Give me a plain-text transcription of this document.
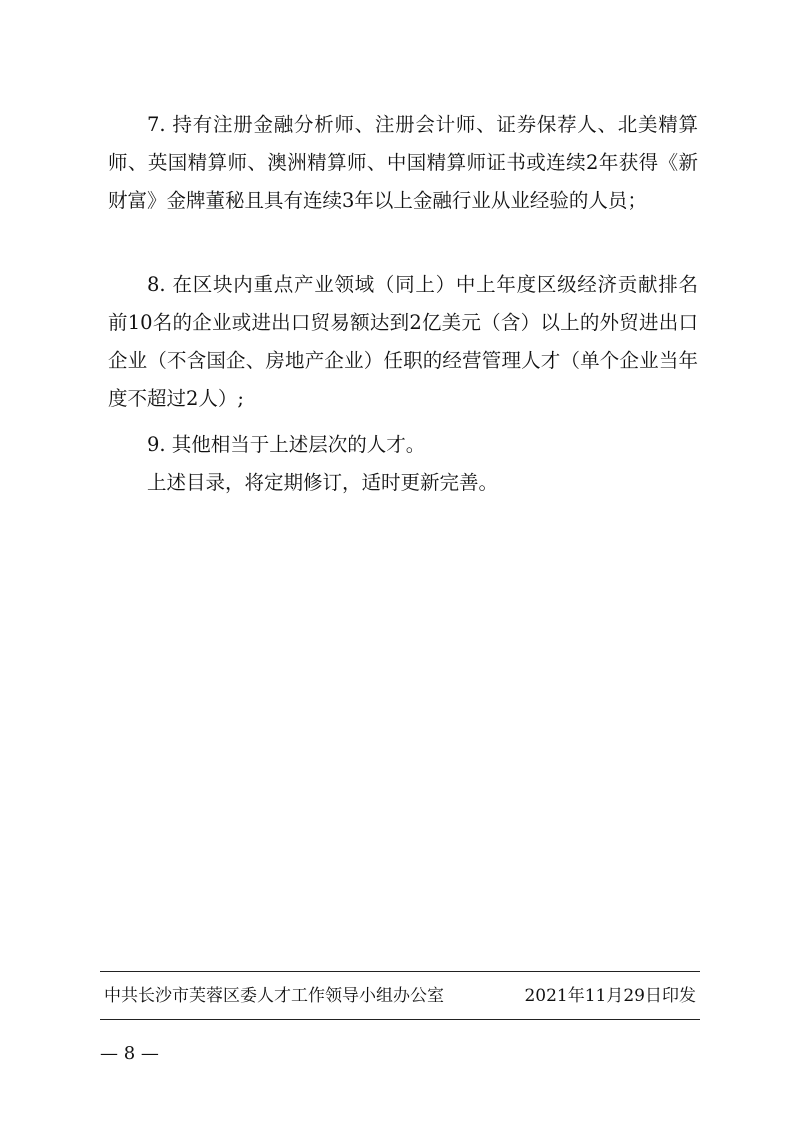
7. 持有注册金融分析师、注册会计师、证券保荐人、北美精算师、英国精算师、澳洲精算师、中国精算师证书或连续2年获得《新财富》金牌董秘且具有连续3年以上金融行业从业经验的人员；

8. 在区块内重点产业领域（同上）中上年度区级经济贡献排名前10名的企业或进出口贸易额达到2亿美元（含）以上的外贸进出口企业（不含国企、房地产企业）任职的经营管理人才（单个企业当年度不超过2人）;

9. 其他相当于上述层次的人才。

上述目录，将定期修订，适时更新完善。

中共长沙市芙蓉区委人才工作领导小组办公室	2021年11月29日印发
— 8 —
